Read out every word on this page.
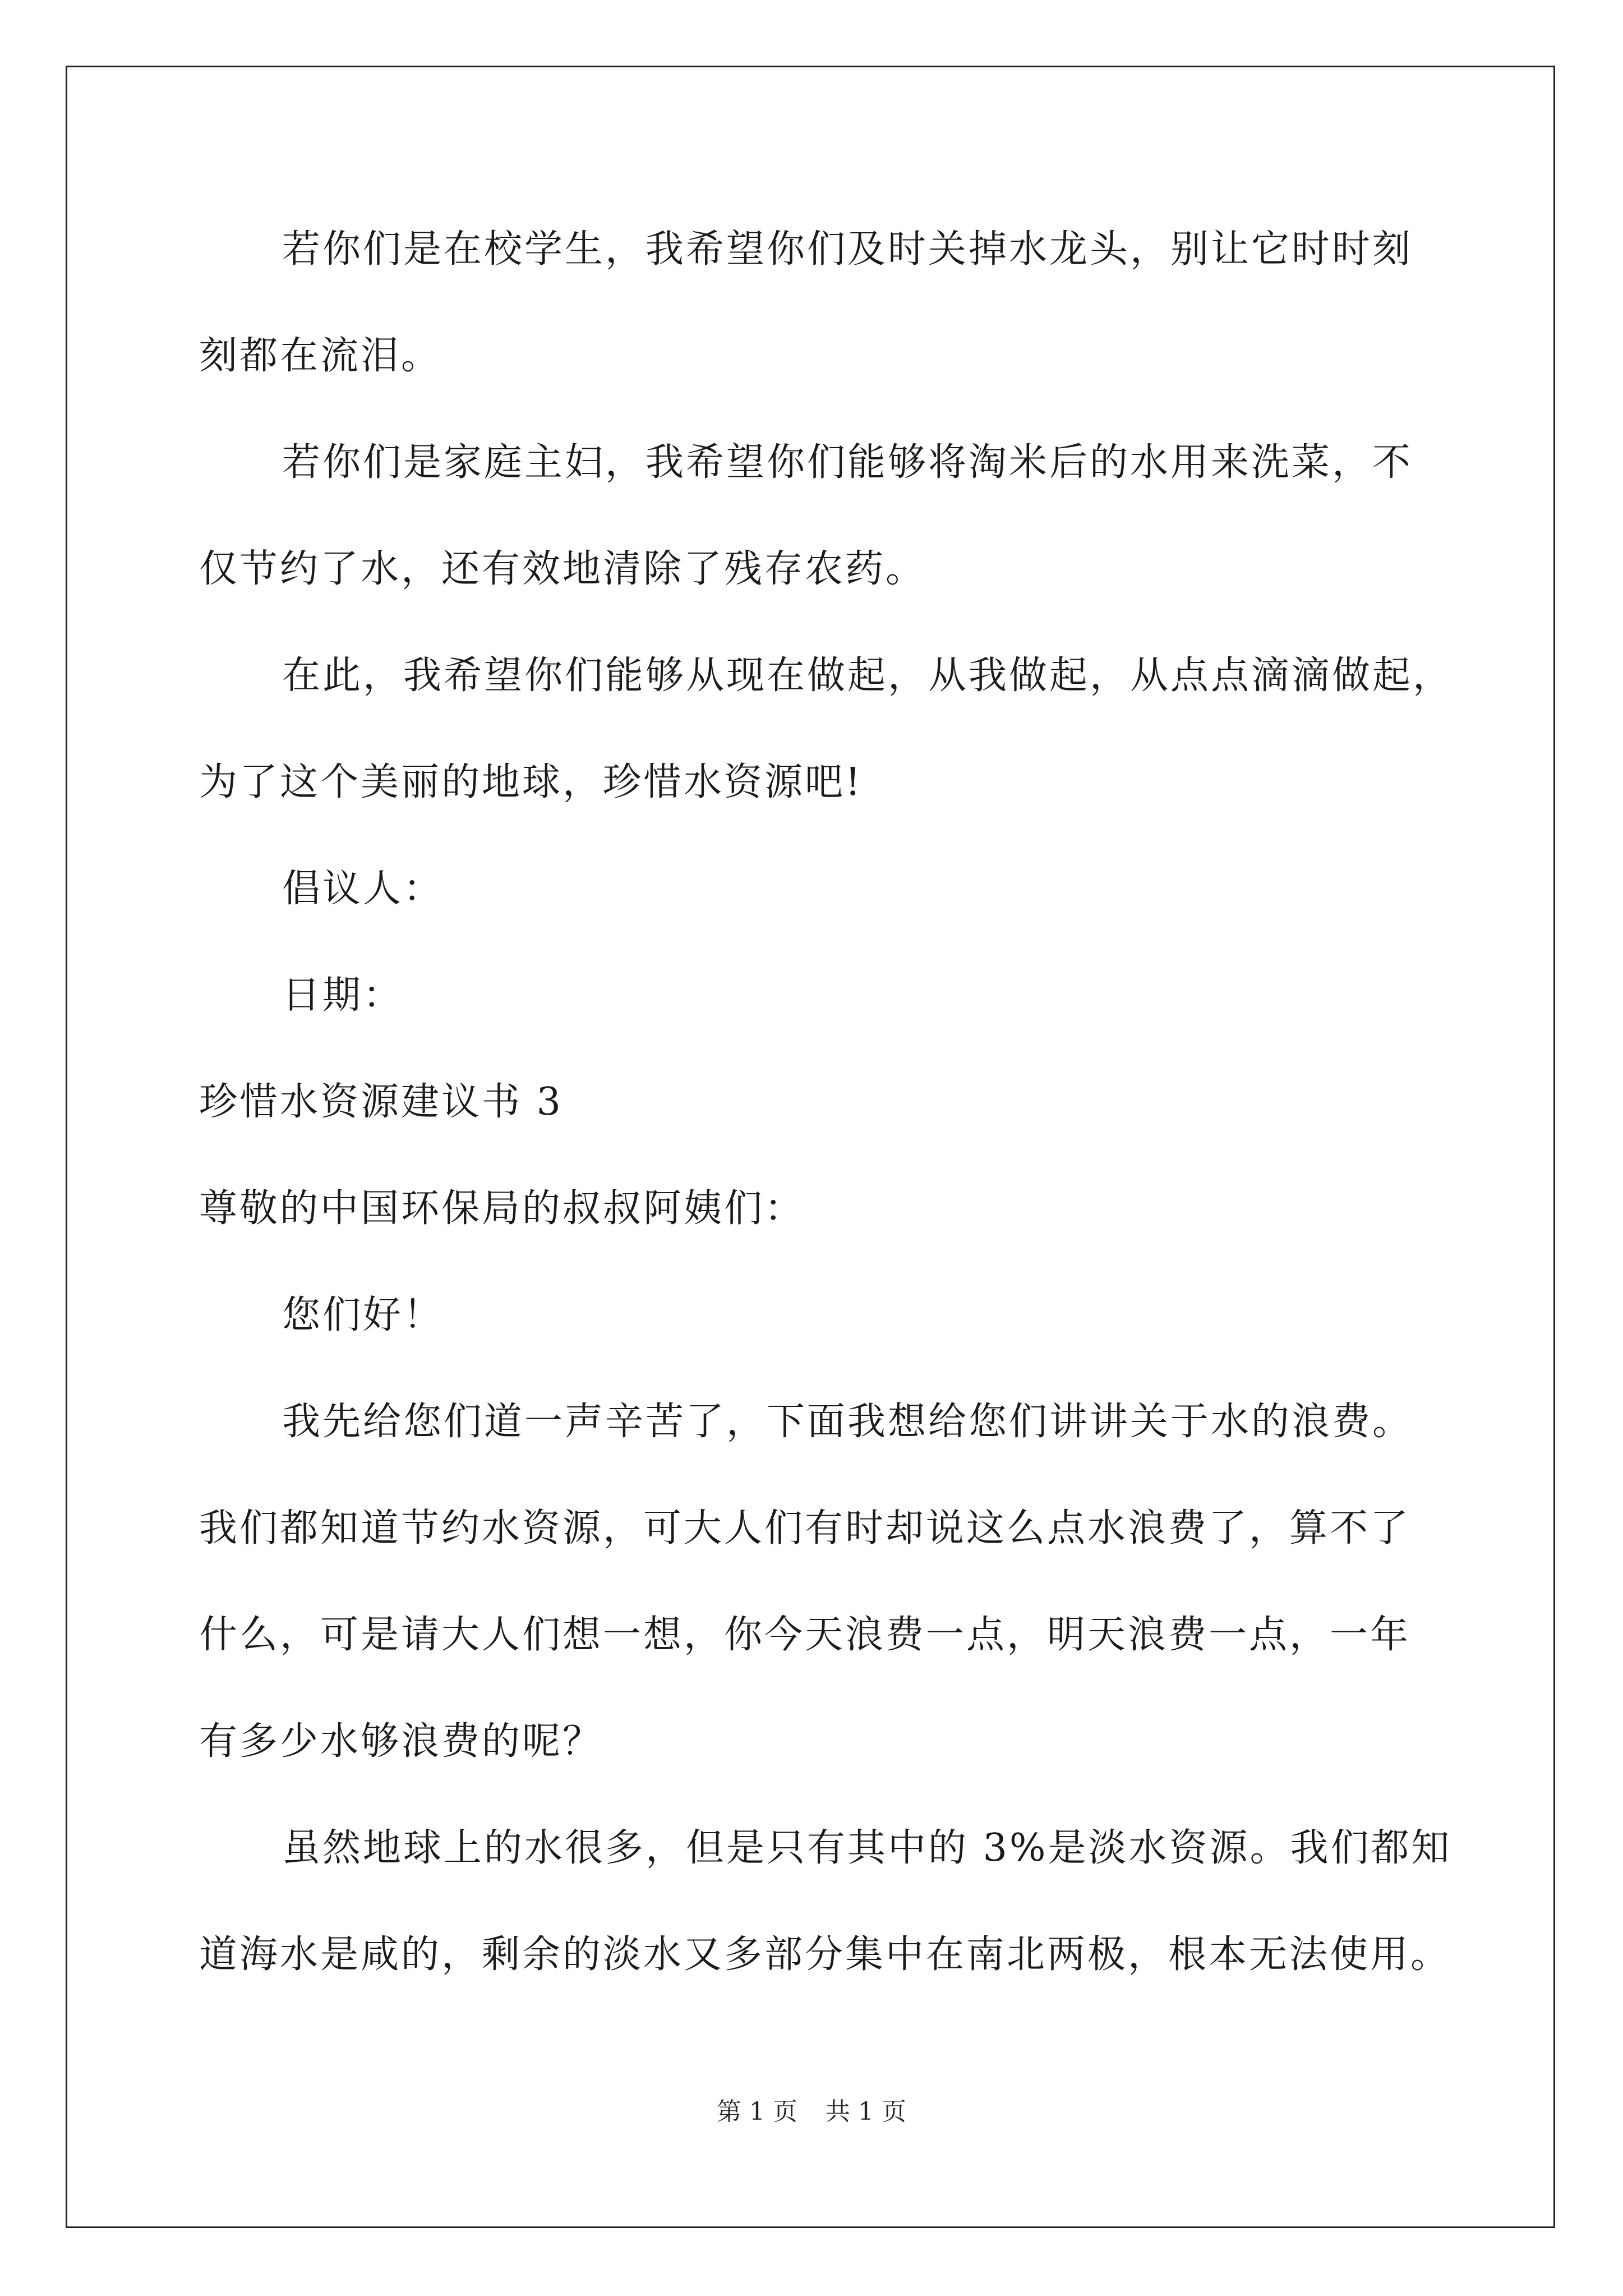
若你们是在校学生，我希望你们及时关掉水龙头，别让它时时刻
刻都在流泪。
若你们是家庭主妇，我希望你们能够将淘米后的水用来洗菜，不
仅节约了水，还有效地清除了残存农药。
在此，我希望你们能够从现在做起，从我做起，从点点滴滴做起，
为了这个美丽的地球，珍惜水资源吧!
倡议人：
日期：
珍惜水资源建议书 3
尊敬的中国环保局的叔叔阿姨们：
您们好！
我先给您们道一声辛苦了，下面我想给您们讲讲关于水的浪费。
我们都知道节约水资源，可大人们有时却说这么点水浪费了，算不了
什么，可是请大人们想一想，你今天浪费一点，明天浪费一点，一年
有多少水够浪费的呢？
虽然地球上的水很多，但是只有其中的 3%是淡水资源。我们都知
道海水是咸的，剩余的淡水又多部分集中在南北两极，根本无法使用。
第 1 页 共 1 页
